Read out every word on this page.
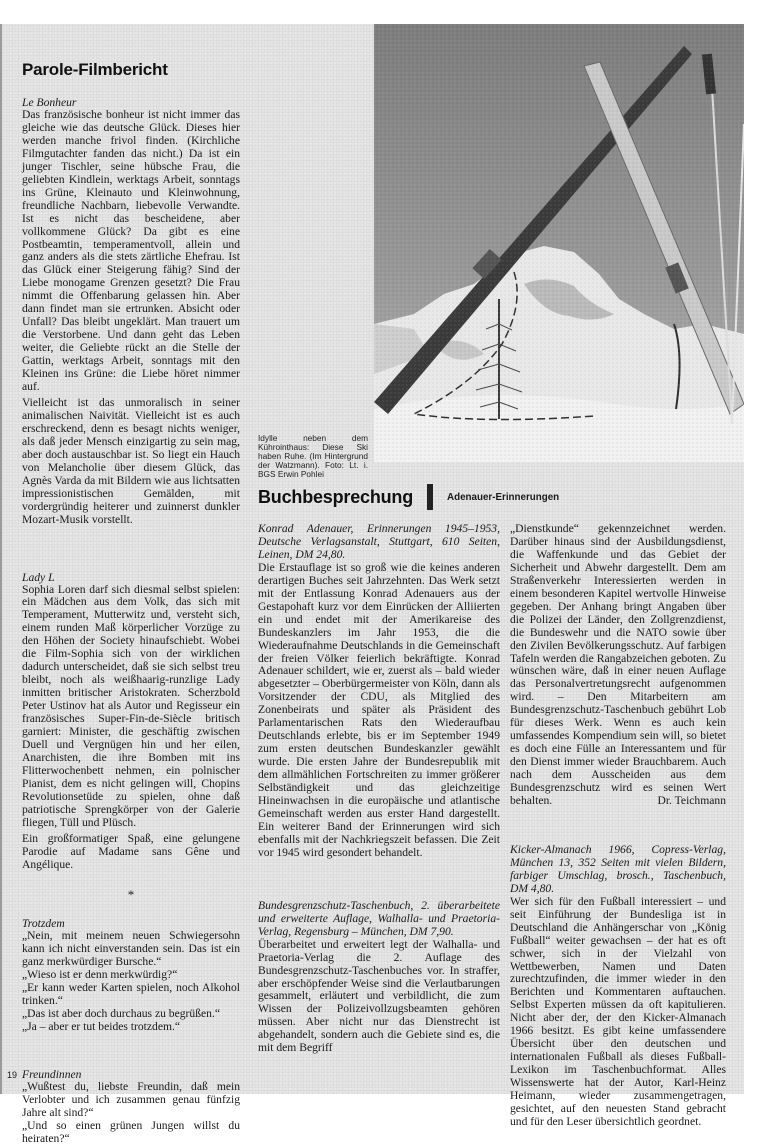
Parole-Filmbericht
Le Bonheur

Das französische bonheur ist nicht immer das gleiche wie das deutsche Glück. Dieses hier werden manche frivol finden. (Kirchliche Filmgutachter fanden das nicht.) Da ist ein junger Tischler, seine hübsche Frau, die geliebten Kindlein, werktags Arbeit, sonntags ins Grüne, Kleinauto und Kleinwohnung, freundliche Nachbarn, liebevolle Verwandte. Ist es nicht das bescheidene, aber vollkommene Glück? Da gibt es eine Postbeamtin, temperamentvoll, allein und ganz anders als die stets zärtliche Ehefrau. Ist das Glück einer Steigerung fähig? Sind der Liebe monogame Grenzen gesetzt? Die Frau nimmt die Offenbarung gelassen hin. Aber dann findet man sie ertrunken. Absicht oder Unfall? Das bleibt ungeklärt. Man trauert um die Verstorbene. Und dann geht das Leben weiter, die Geliebte rückt an die Stelle der Gattin, werktags Arbeit, sonntags mit den Kleinen ins Grüne: die Liebe höret nimmer auf.

Vielleicht ist das unmoralisch in seiner animalischen Naivität. Vielleicht ist es auch erschreckend, denn es besagt nichts weniger, als daß jeder Mensch einzigartig zu sein mag, aber doch austauschbar ist. So liegt ein Hauch von Melancholie über diesem Glück, das Agnès Varda da mit Bildern wie aus lichtsatten impressionistischen Gemälden, mit vordergründig heiterer und zuinnerst dunkler Mozart-Musik vorstellt.

Lady L

Sophia Loren darf sich diesmal selbst spielen: ein Mädchen aus dem Volk, das sich mit Temperament, Mutterwitz und, versteht sich, einem runden Maß körperlicher Vorzüge zu den Höhen der Society hinaufschiebt. Wobei die Film-Sophia sich von der wirklichen dadurch unterscheidet, daß sie sich selbst treu bleibt, noch als weißhaarig-runzlige Lady inmitten britischer Aristokraten. Scherzbold Peter Ustinov hat als Autor und Regisseur ein französisches Super-Fin-de-Siècle britisch garniert: Minister, die geschäftig zwischen Duell und Vergnügen hin und her eilen, Anarchisten, die ihre Bomben mit ins Flitterwochenbett nehmen, ein polnischer Pianist, dem es nicht gelingen will, Chopins Revolutionsetüde zu spielen, ohne daß patriotische Sprengkörper von der Galerie fliegen, Tüll und Plüsch.

Ein großformatiger Spaß, eine gelungene Parodie auf Madame sans Gêne und Angélique.

*
Trotzdem
„Nein, mit meinem neuen Schwiegersohn kann ich nicht einverstanden sein. Das ist ein ganz merkwürdiger Bursche.“
„Wieso ist er denn merkwürdig?“
„Er kann weder Karten spielen, noch Alkohol trinken.“
„Das ist aber doch durchaus zu begrüßen.“
„Ja – aber er tut beides trotzdem.“
Freundinnen
„Wußtest du, liebste Freundin, daß mein Verlobter und ich zusammen genau fünfzig Jahre alt sind?“
„Und so einen grünen Jungen willst du heiraten?“
19
Idylle neben dem Kührointhaus: Diese Ski haben Ruhe. (Im Hintergrund der Watzmann). Foto: Lt. i. BGS Erwin Pohlei
Buchbesprechung	Adenauer-Erinnerungen

Konrad Adenauer, Erinnerungen 1945–1953, Deutsche Verlagsanstalt, Stuttgart, 610 Seiten, Leinen, DM 24,80.

Die Erstauflage ist so groß wie die keines anderen derartigen Buches seit Jahrzehnten. Das Werk setzt mit der Entlassung Konrad Adenauers aus der Gestapohaft kurz vor dem Einrücken der Alliierten ein und endet mit der Amerikareise des Bundeskanzlers im Jahr 1953, die die Wiederaufnahme Deutschlands in die Gemeinschaft der freien Völker feierlich bekräftigte. Konrad Adenauer schildert, wie er, zuerst als – bald wieder abgesetzter – Oberbürgermeister von Köln, dann als Vorsitzender der CDU, als Mitglied des Zonenbeirats und später als Präsident des Parlamentarischen Rats den Wiederaufbau Deutschlands erlebte, bis er im September 1949 zum ersten deutschen Bundeskanzler gewählt wurde. Die ersten Jahre der Bundesrepublik mit dem allmählichen Fortschreiten zu immer größerer Selbständigkeit und das gleichzeitige Hineinwachsen in die europäische und atlantische Gemeinschaft werden aus erster Hand dargestellt. Ein weiterer Band der Erinnerungen wird sich ebenfalls mit der Nachkriegszeit befassen. Die Zeit vor 1945 wird gesondert behandelt.

Bundesgrenzschutz-Taschenbuch, 2. überarbeitete und erweiterte Auflage, Walhalla- und Praetoria-Verlag, Regensburg – München, DM 7,90.

Überarbeitet und erweitert legt der Walhalla- und Praetoria-Verlag die 2. Auflage des Bundesgrenzschutz-Taschenbuches vor. In straffer, aber erschöpfender Weise sind die Verlautbarungen gesammelt, erläutert und verbildlicht, die zum Wissen der Polizeivollzugsbeamten gehören müssen. Aber nicht nur das Dienstrecht ist abgehandelt, sondern auch die Gebiete sind es, die mit dem Begriff

„Dienstkunde“ gekennzeichnet werden. Darüber hinaus sind der Ausbildungsdienst, die Waffenkunde und das Gebiet der Sicherheit und Abwehr dargestellt. Dem am Straßenverkehr Interessierten werden in einem besonderen Kapitel wertvolle Hinweise gegeben. Der Anhang bringt Angaben über die Polizei der Länder, den Zollgrenzdienst, die Bundeswehr und die NATO sowie über den Zivilen Bevölkerungsschutz. Auf farbigen Tafeln werden die Rangabzeichen geboten. Zu wünschen wäre, daß in einer neuen Auflage das Personalvertretungsrecht aufgenommen wird. – Den Mitarbeitern am Bundesgrenzschutz-Taschenbuch gebührt Lob für dieses Werk. Wenn es auch kein umfassendes Kompendium sein will, so bietet es doch eine Fülle an Interessantem und für den Dienst immer wieder Brauchbarem. Auch nach dem Ausscheiden aus dem Bundesgrenzschutz wird es seinen Wert behalten.	Dr. Teichmann

Kicker-Almanach 1966, Copress-Verlag, München 13, 352 Seiten mit vielen Bildern, farbiger Umschlag, brosch., Taschenbuch, DM 4,80.

Wer sich für den Fußball interessiert – und seit Einführung der Bundesliga ist in Deutschland die Anhängerschar von „König Fußball“ weiter gewachsen – der hat es oft schwer, sich in der Vielzahl von Wettbewerben, Namen und Daten zurechtzufinden, die immer wieder in den Berichten und Kommentaren auftauchen. Selbst Experten müssen da oft kapitulieren. Nicht aber der, der den Kicker-Almanach 1966 besitzt. Es gibt keine umfassendere Übersicht über den deutschen und internationalen Fußball als dieses Fußball-Lexikon im Taschenbuchformat. Alles Wissenswerte hat der Autor, Karl-Heinz Heimann, wieder zusammengetragen, gesichtet, auf den neuesten Stand gebracht und für den Leser übersichtlich geordnet.
